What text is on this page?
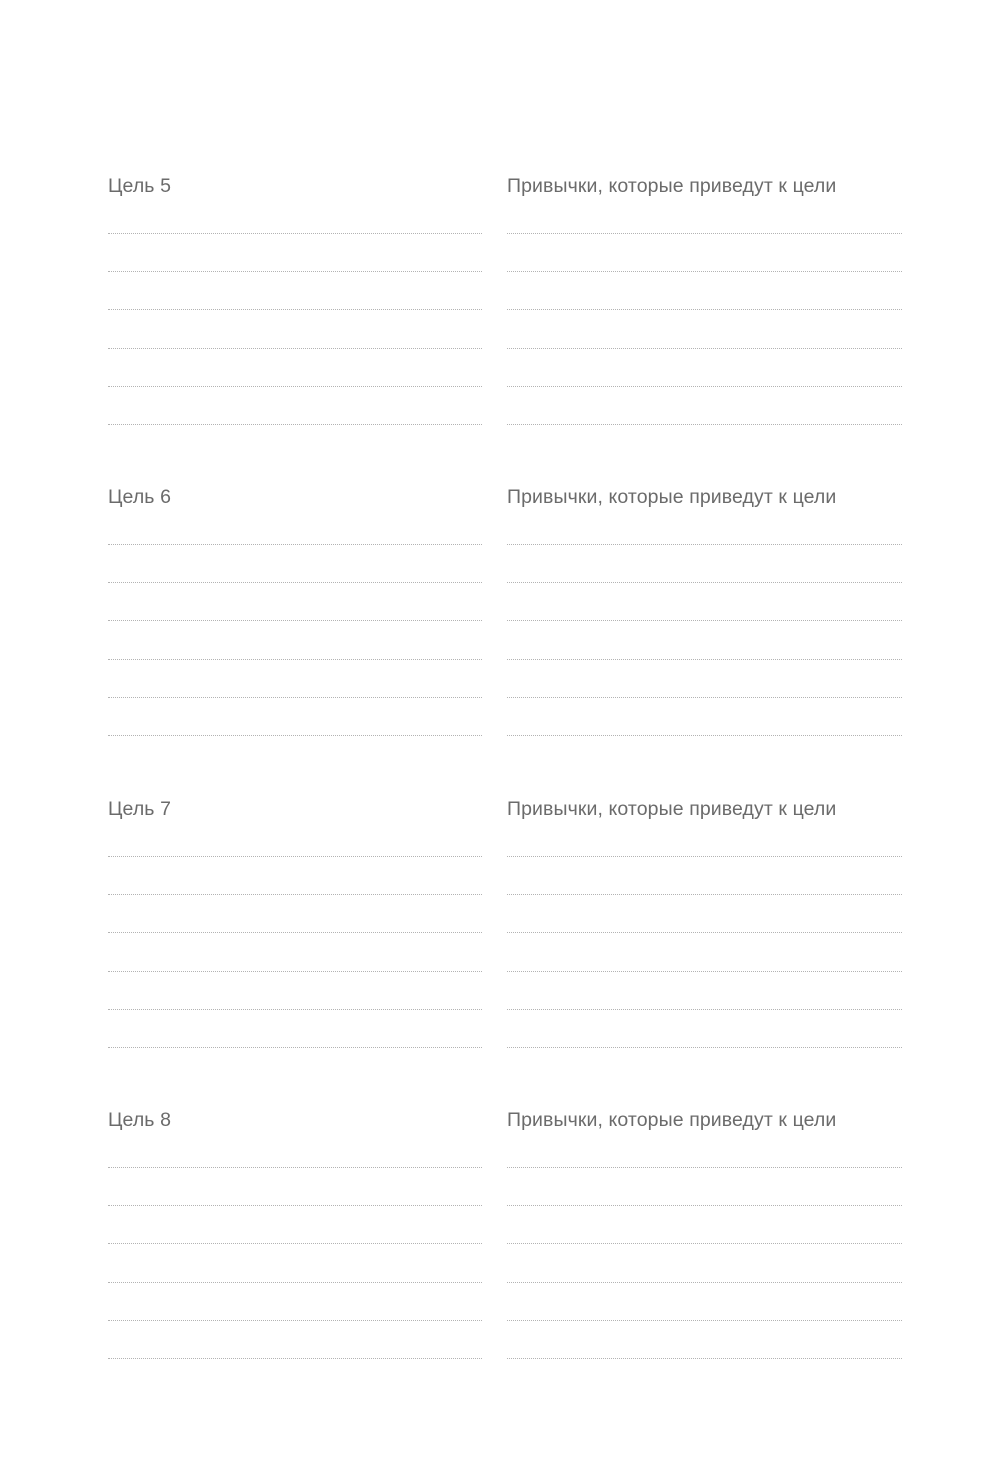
Цель 5	Привычки, которые приведут к цели
Цель 6	Привычки, которые приведут к цели
Цель 7	Привычки, которые приведут к цели
Цель 8	Привычки, которые приведут к цели
